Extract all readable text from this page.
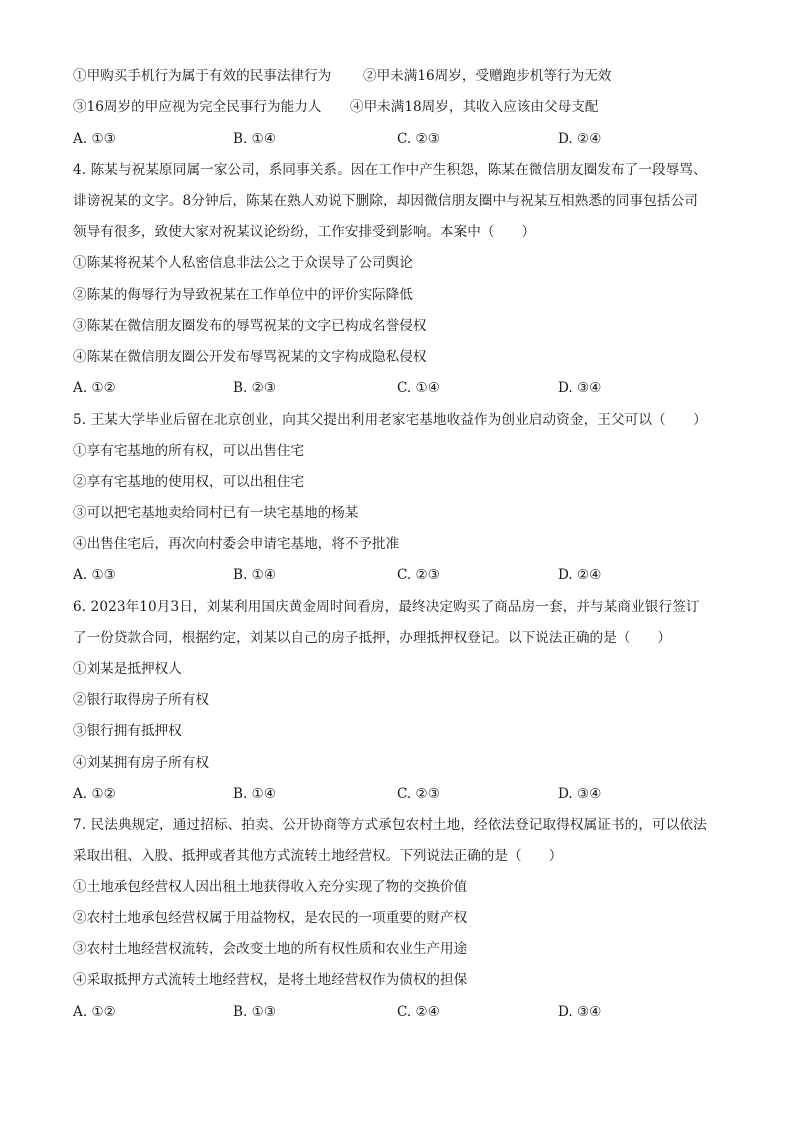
①甲购买手机行为属于有效的民事法律行为 ②甲未满16周岁，受赠跑步机等行为无效
③16周岁的甲应视为完全民事行为能力人 ④甲未满18周岁，其收入应该由父母支配
A. ①③	B. ①④	C. ②③	D. ②④
4. 陈某与祝某原同属一家公司，系同事关系。因在工作中产生积怨，陈某在微信朋友圈发布了一段辱骂、
诽谤祝某的文字。8分钟后，陈某在熟人劝说下删除，却因微信朋友圈中与祝某互相熟悉的同事包括公司
领导有很多，致使大家对祝某议论纷纷，工作安排受到影响。本案中（　　）
①陈某将祝某个人私密信息非法公之于众误导了公司舆论
②陈某的侮辱行为导致祝某在工作单位中的评价实际降低
③陈某在微信朋友圈发布的辱骂祝某的文字已构成名誉侵权
④陈某在微信朋友圈公开发布辱骂祝某的文字构成隐私侵权
A. ①②	B. ②③	C. ①④	D. ③④
5. 王某大学毕业后留在北京创业，向其父提出利用老家宅基地收益作为创业启动资金，王父可以（　　）
①享有宅基地的所有权，可以出售住宅
②享有宅基地的使用权，可以出租住宅
③可以把宅基地卖给同村已有一块宅基地的杨某
④出售住宅后，再次向村委会申请宅基地，将不予批准
A. ①③	B. ①④	C. ②③	D. ②④
6. 2023年10月3日，刘某利用国庆黄金周时间看房，最终决定购买了商品房一套，并与某商业银行签订
了一份贷款合同，根据约定，刘某以自己的房子抵押，办理抵押权登记。以下说法正确的是（　　）
①刘某是抵押权人
②银行取得房子所有权
③银行拥有抵押权
④刘某拥有房子所有权
A. ①②	B. ①④	C. ②③	D. ③④
7. 民法典规定，通过招标、拍卖、公开协商等方式承包农村土地，经依法登记取得权属证书的，可以依法
采取出租、入股、抵押或者其他方式流转土地经营权。下列说法正确的是（　　）
①土地承包经营权人因出租土地获得收入充分实现了物的交换价值
②农村土地承包经营权属于用益物权，是农民的一项重要的财产权
③农村土地经营权流转，会改变土地的所有权性质和农业生产用途
④采取抵押方式流转土地经营权，是将土地经营权作为债权的担保
A. ①②	B. ①③	C. ②④	D. ③④
